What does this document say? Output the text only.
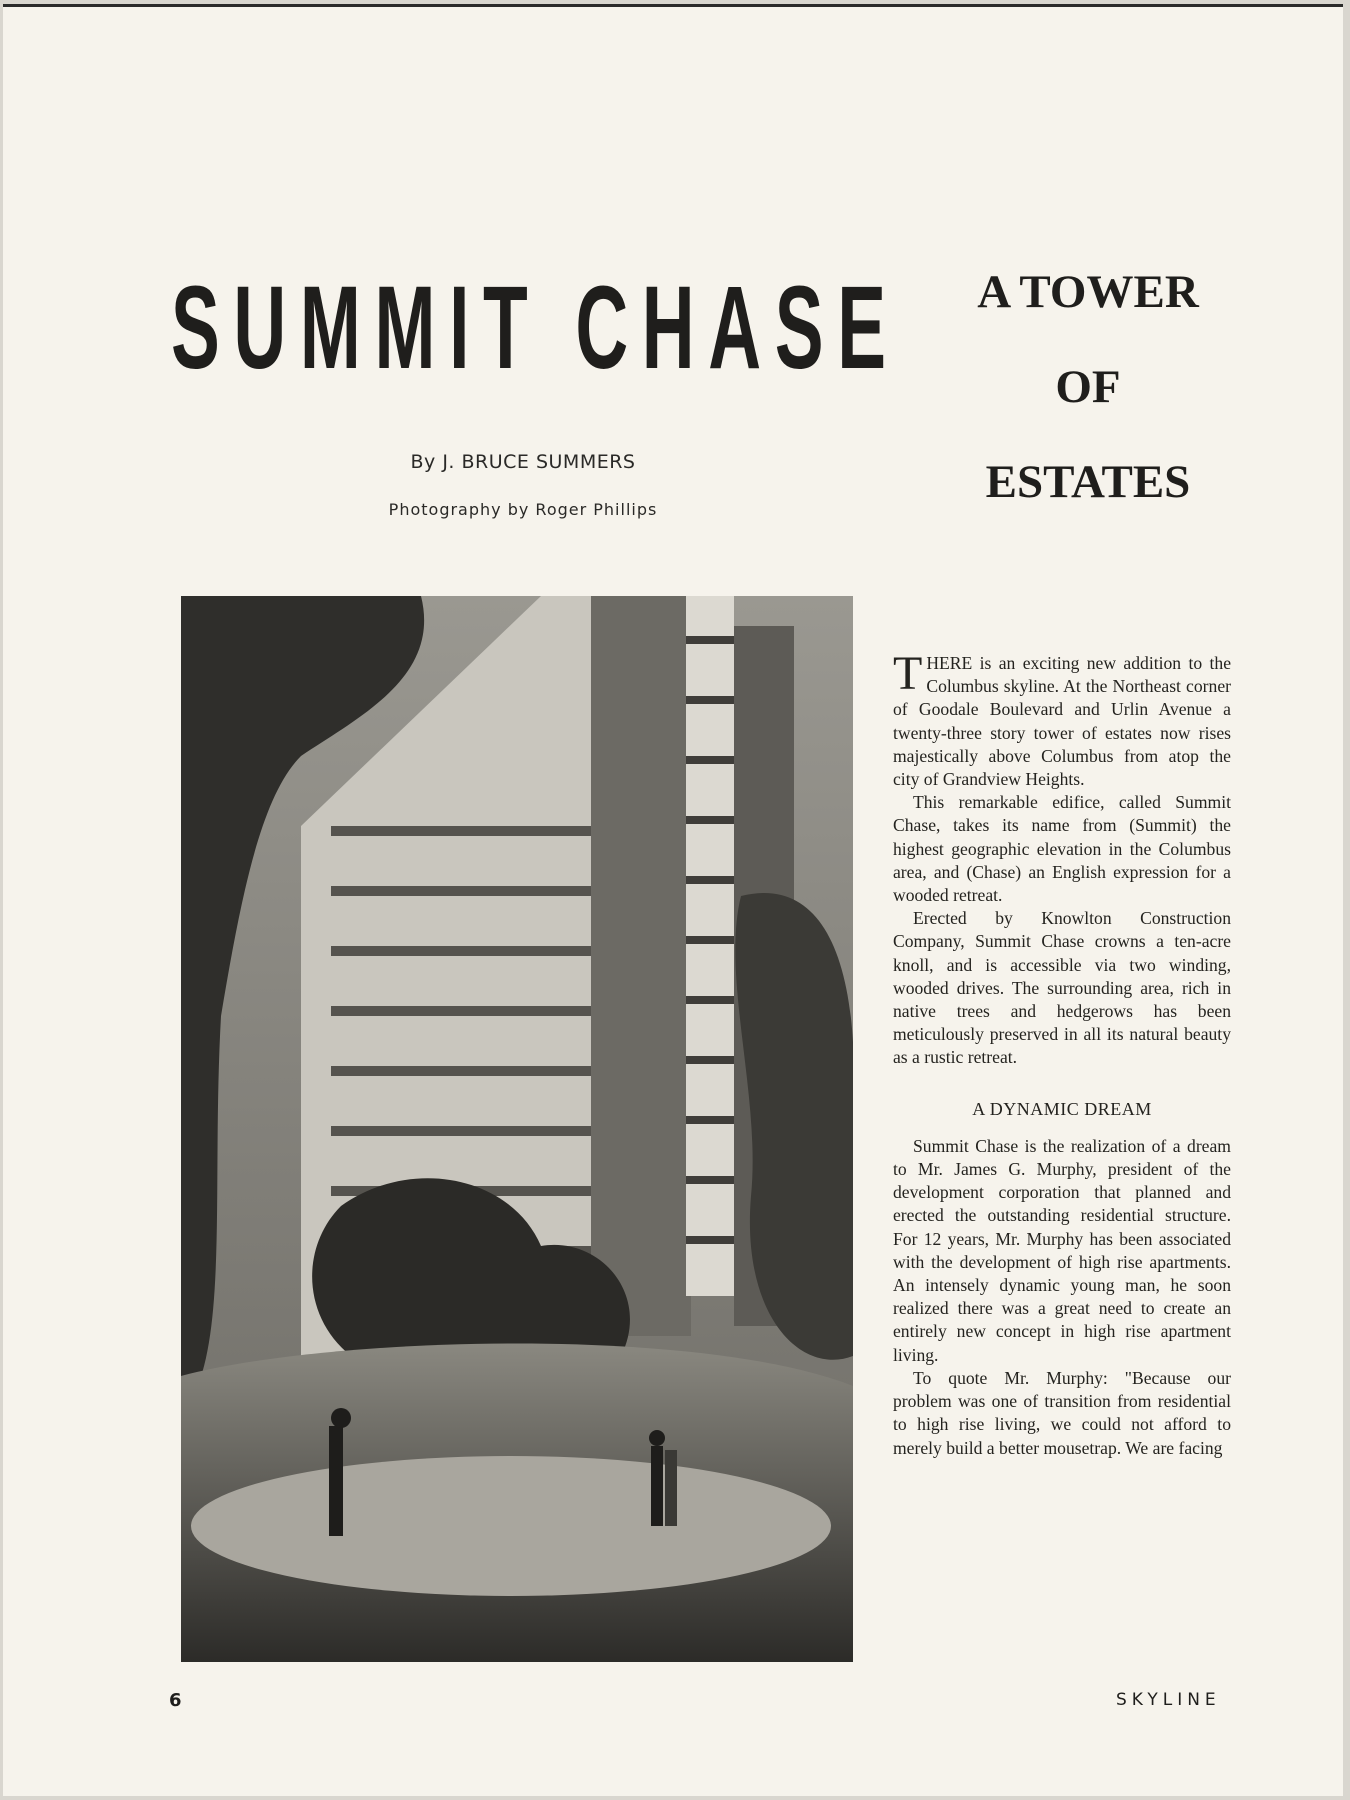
SUMMIT CHASE	A TOWER
OF
ESTATES
By J. BRUCE SUMMERS
Photography by Roger Phillips

THERE is an exciting new addition to the Columbus skyline. At the Northeast corner of Goodale Boulevard and Urlin Avenue a twenty-three story tower of estates now rises majestically above Columbus from atop the city of Grandview Heights.

This remarkable edifice, called Summit Chase, takes its name from (Summit) the highest geographic elevation in the Columbus area, and (Chase) an English expression for a wooded retreat.

Erected by Knowlton Construction Company, Summit Chase crowns a ten-acre knoll, and is accessible via two winding, wooded drives. The surrounding area, rich in native trees and hedgerows has been meticulously preserved in all its natural beauty as a rustic retreat.

A DYNAMIC DREAM

Summit Chase is the realization of a dream to Mr. James G. Murphy, president of the development corporation that planned and erected the outstanding residential structure. For 12 years, Mr. Murphy has been associated with the development of high rise apartments. An intensely dynamic young man, he soon realized there was a great need to create an entirely new concept in high rise apartment living.

To quote Mr. Murphy: "Because our problem was one of transition from residential to high rise living, we could not afford to merely build a better mousetrap. We are facing

6	SKYLINE
